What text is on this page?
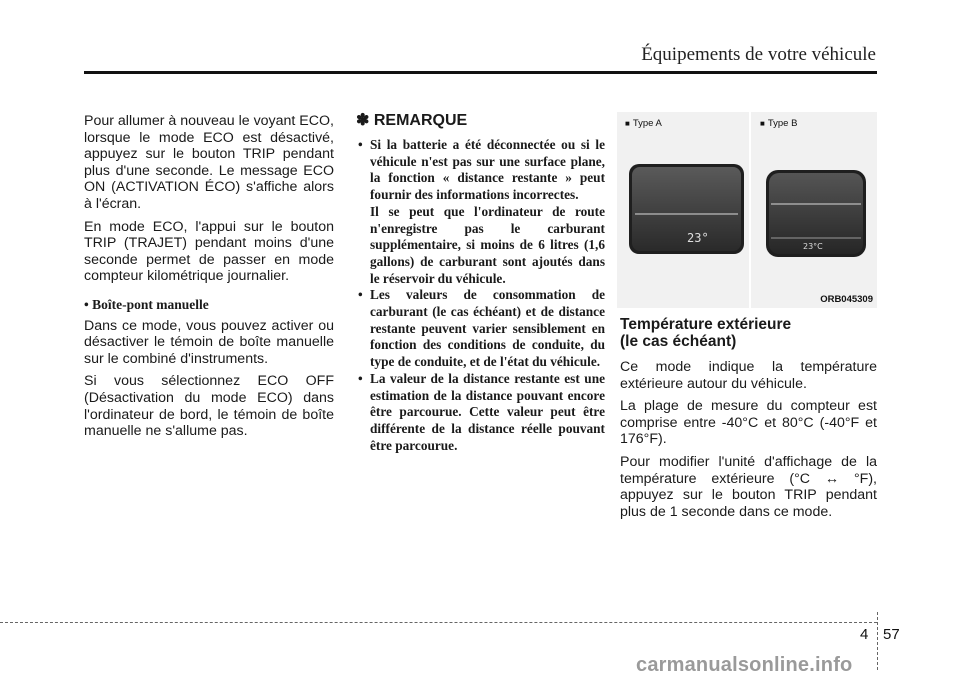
Équipements de votre véhicule

Pour allumer à nouveau le voyant ECO, lorsque le mode ECO est désactivé, appuyez sur le bouton TRIP pendant plus d'une seconde. Le message ECO ON (ACTIVATION ÉCO) s'affiche alors à l'écran.

En mode ECO, l'appui sur le bouton TRIP (TRAJET) pendant moins d'une seconde permet de passer en mode compteur kilométrique journalier.

• Boîte-pont manuelle

Dans ce mode, vous pouvez activer ou désactiver le témoin de boîte manuelle sur le combiné d'instruments.

Si vous sélectionnez ECO OFF (Désactivation du mode ECO) dans l'ordinateur de bord, le témoin de boîte manuelle ne s'allume pas.

✽ REMARQUE
• Si la batterie a été déconnectée ou si le véhicule n'est pas sur une surface plane, la fonction « distance restante » peut fournir des informations incorrectes.
Il se peut que l'ordinateur de route n'enregistre pas le carburant supplémentaire, si moins de 6 litres (1,6 gallons) de carburant sont ajoutés dans le réservoir du véhicule.
• Les valeurs de consommation de carburant (le cas échéant) et de distance restante peuvent varier sensiblement en fonction des conditions de conduite, du type de conduite, et de l'état du véhicule.
• La valeur de la distance restante est une estimation de la distance pouvant encore être parcourue. Cette valeur peut être différente de la distance réelle pouvant être parcourue.
■ Type A
23°
■ Type B
23°C
ORB045309
Température extérieure
(le cas échéant)

Ce mode indique la température extérieure autour du véhicule.

La plage de mesure du compteur est comprise entre -40°C et 80°C (-40°F et 176°F).

Pour modifier l'unité d'affichage de la température extérieure (°C ↔ °F), appuyez sur le bouton TRIP pendant plus de 1 seconde dans ce mode.

4 57
carmanualsonline.info
